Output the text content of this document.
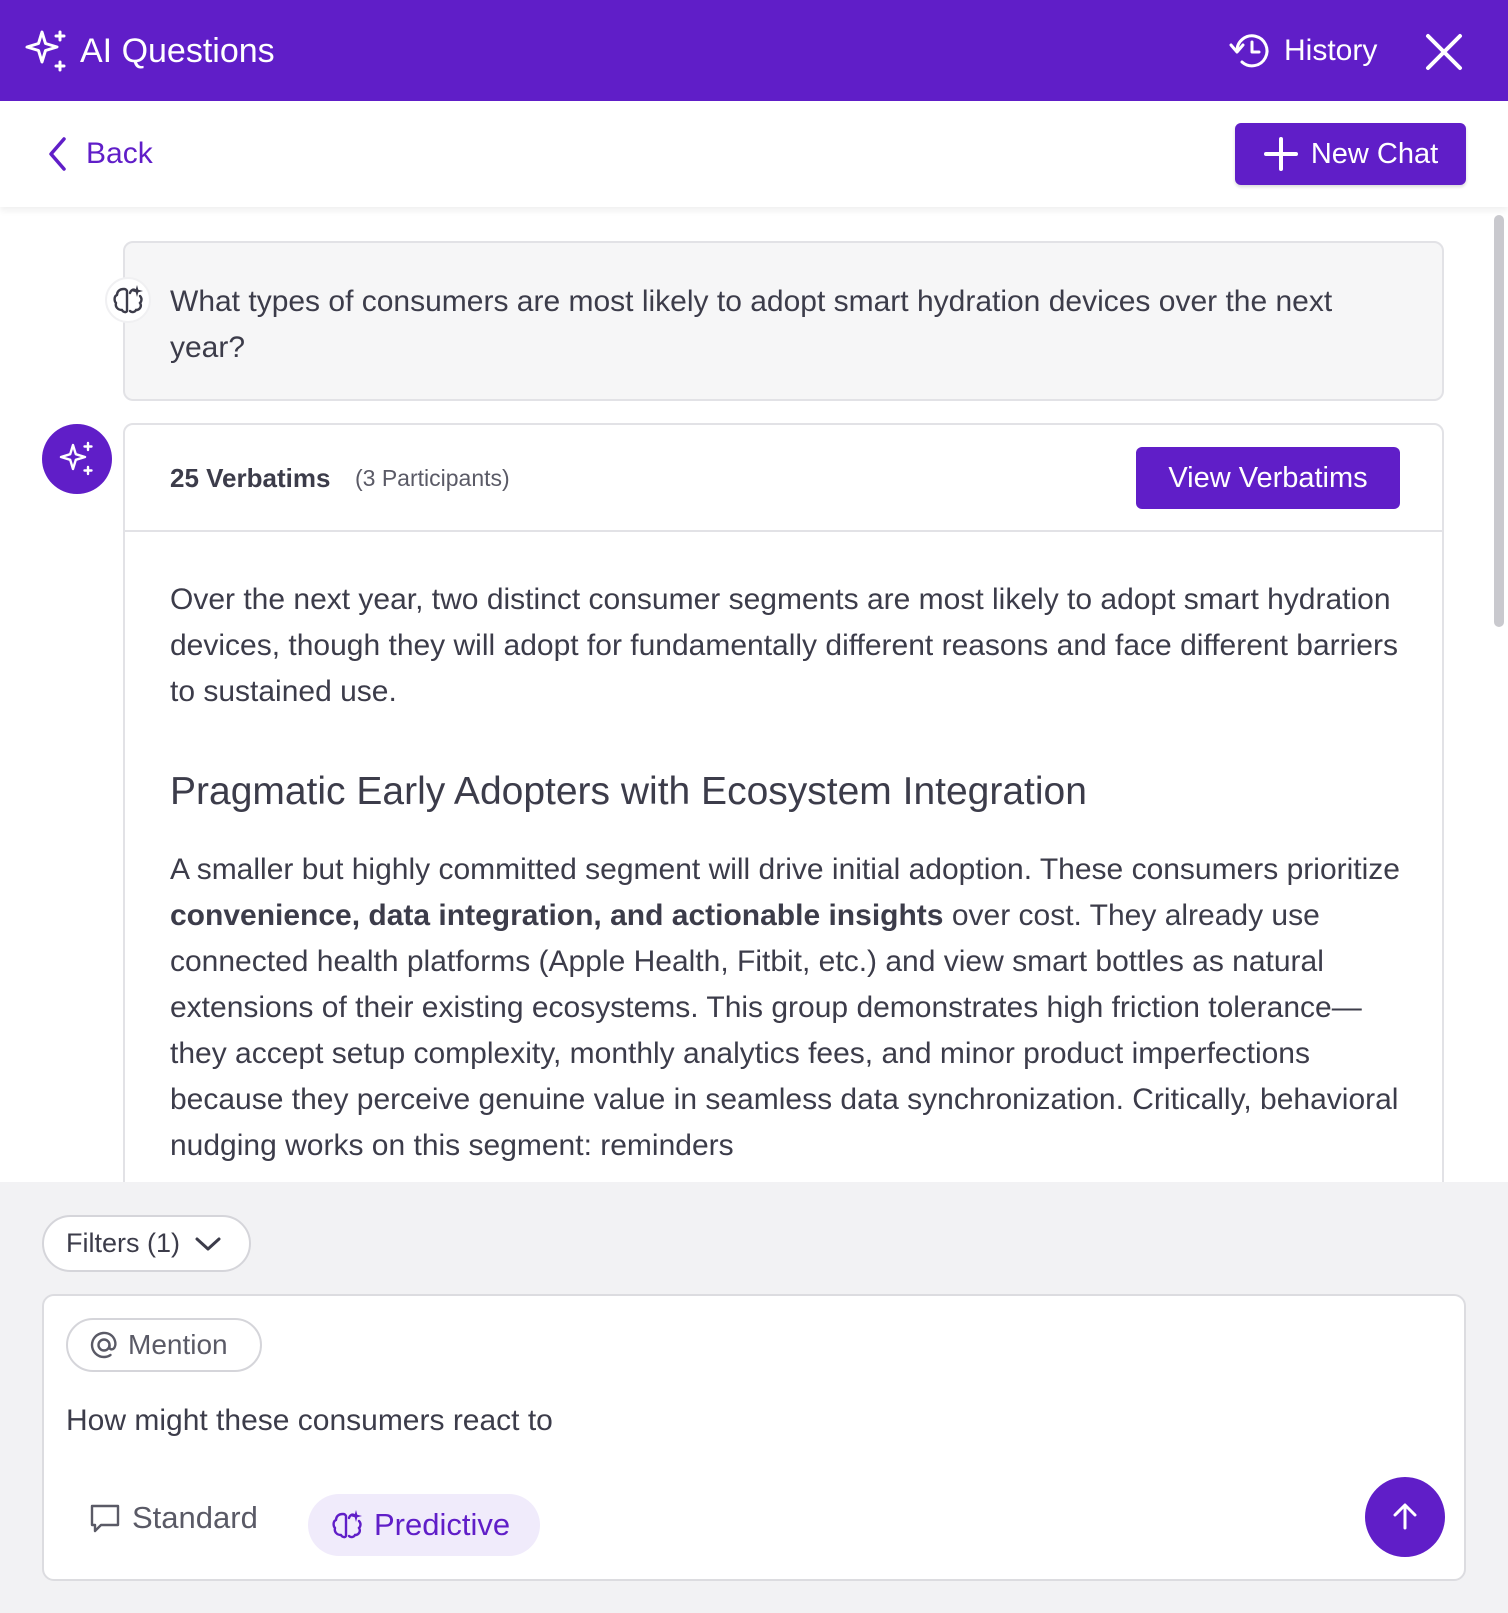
AI Questions	History
Back	New Chat
What types of consumers are most likely to adopt smart hydration devices over the next year?
25 Verbatims (3 Participants)	View Verbatims

Over the next year, two distinct consumer segments are most likely to adopt smart hydration devices, though they will adopt for fundamentally different reasons and face different barriers to sustained use.

Pragmatic Early Adopters with Ecosystem Integration

A smaller but highly committed segment will drive initial adoption. These consumers prioritize convenience, data integration, and actionable insights over cost. They already use connected health platforms (Apple Health, Fitbit, etc.) and view smart bottles as natural extensions of their existing ecosystems. This group demonstrates high friction tolerance—they accept setup complexity, monthly analytics fees, and minor product imperfections because they perceive genuine value in seamless data synchronization. Critically, behavioral nudging works on this segment: reminders

Filters (1)
Mention
How might these consumers react to
Standard	Predictive
